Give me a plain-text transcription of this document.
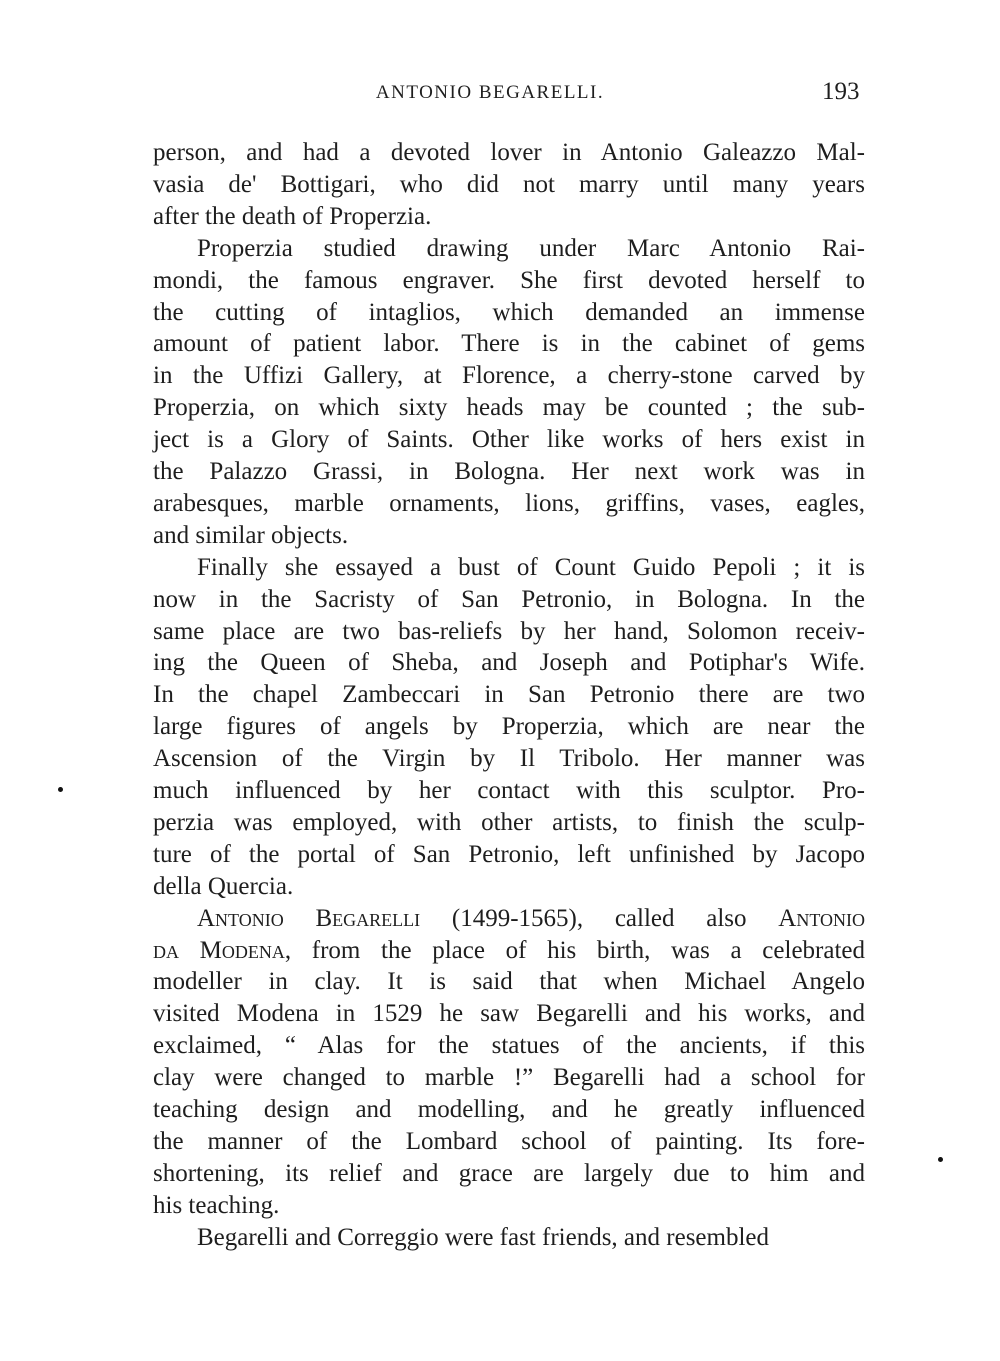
ANTONIO BEGARELLI.	193
person, and had a devoted lover in Antonio Galeazzo Mal-
vasia de' Bottigari, who did not marry until many years
after the death of Properzia.
Properzia studied drawing under Marc Antonio Rai-
mondi, the famous engraver. She first devoted herself to
the cutting of intaglios, which demanded an immense
amount of patient labor. There is in the cabinet of gems
in the Uffizi Gallery, at Florence, a cherry-stone carved by
Properzia, on which sixty heads may be counted ; the sub-
ject is a Glory of Saints. Other like works of hers exist in
the Palazzo Grassi, in Bologna. Her next work was in
arabesques, marble ornaments, lions, griffins, vases, eagles,
and similar objects.
Finally she essayed a bust of Count Guido Pepoli ; it is
now in the Sacristy of San Petronio, in Bologna. In the
same place are two bas-reliefs by her hand, Solomon receiv-
ing the Queen of Sheba, and Joseph and Potiphar's Wife.
In the chapel Zambeccari in San Petronio there are two
large figures of angels by Properzia, which are near the
Ascension of the Virgin by Il Tribolo. Her manner was
much influenced by her contact with this sculptor. Pro-
perzia was employed, with other artists, to finish the sculp-
ture of the portal of San Petronio, left unfinished by Jacopo
della Quercia.
Antonio Begarelli (1499-1565), called also Antonio
da Modena, from the place of his birth, was a celebrated
modeller in clay. It is said that when Michael Angelo
visited Modena in 1529 he saw Begarelli and his works, and
exclaimed, “ Alas for the statues of the ancients, if this
clay were changed to marble !” Begarelli had a school for
teaching design and modelling, and he greatly influenced
the manner of the Lombard school of painting. Its fore-
shortening, its relief and grace are largely due to him and
his teaching.
Begarelli and Correggio were fast friends, and resembled
